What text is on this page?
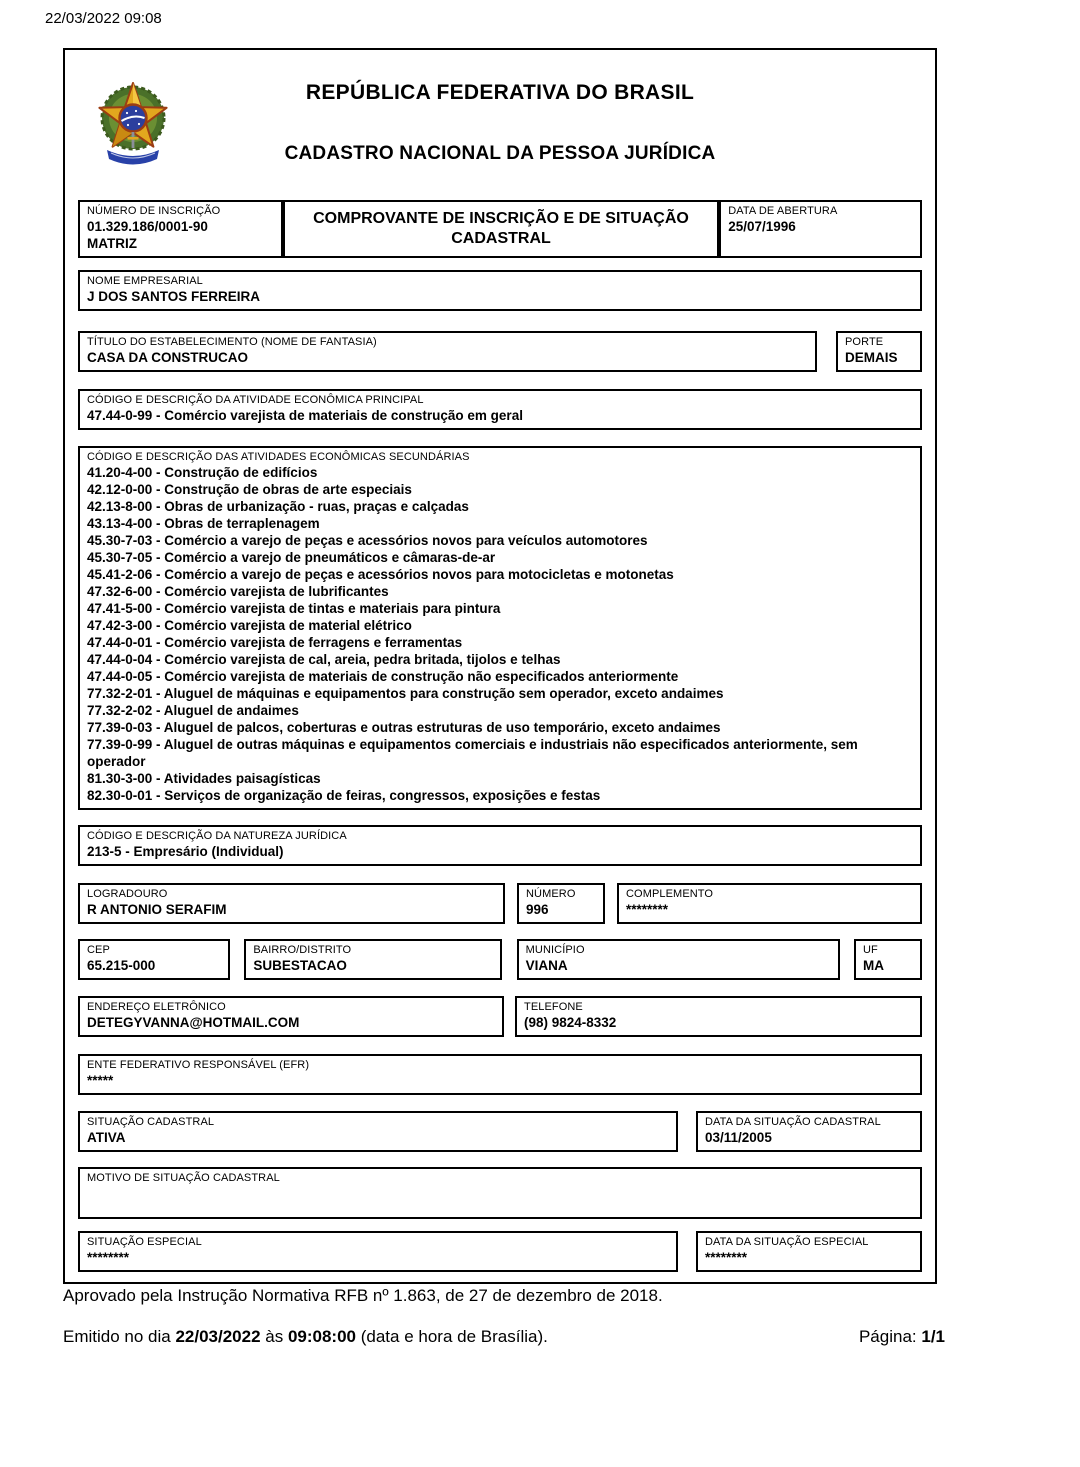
22/03/2022 09:08
REPÚBLICA FEDERATIVA DO BRASIL
CADASTRO NACIONAL DA PESSOA JURÍDICA
NÚMERO DE INSCRIÇÃO
01.329.186/0001-90
MATRIZ
COMPROVANTE DE INSCRIÇÃO E DE SITUAÇÃO CADASTRAL
DATA DE ABERTURA
25/07/1996
NOME EMPRESARIAL
J DOS SANTOS FERREIRA
TÍTULO DO ESTABELECIMENTO (NOME DE FANTASIA)
CASA DA CONSTRUCAO
PORTE
DEMAIS
CÓDIGO E DESCRIÇÃO DA ATIVIDADE ECONÔMICA PRINCIPAL
47.44-0-99 - Comércio varejista de materiais de construção em geral
CÓDIGO E DESCRIÇÃO DAS ATIVIDADES ECONÔMICAS SECUNDÁRIAS
41.20-4-00 - Construção de edifícios
42.12-0-00 - Construção de obras de arte especiais
42.13-8-00 - Obras de urbanização - ruas, praças e calçadas
43.13-4-00 - Obras de terraplenagem
45.30-7-03 - Comércio a varejo de peças e acessórios novos para veículos automotores
45.30-7-05 - Comércio a varejo de pneumáticos e câmaras-de-ar
45.41-2-06 - Comércio a varejo de peças e acessórios novos para motocicletas e motonetas
47.32-6-00 - Comércio varejista de lubrificantes
47.41-5-00 - Comércio varejista de tintas e materiais para pintura
47.42-3-00 - Comércio varejista de material elétrico
47.44-0-01 - Comércio varejista de ferragens e ferramentas
47.44-0-04 - Comércio varejista de cal, areia, pedra britada, tijolos e telhas
47.44-0-05 - Comércio varejista de materiais de construção não especificados anteriormente
77.32-2-01 - Aluguel de máquinas e equipamentos para construção sem operador, exceto andaimes
77.32-2-02 - Aluguel de andaimes
77.39-0-03 - Aluguel de palcos, coberturas e outras estruturas de uso temporário, exceto andaimes
77.39-0-99 - Aluguel de outras máquinas e equipamentos comerciais e industriais não especificados anteriormente, sem operador
81.30-3-00 - Atividades paisagísticas
82.30-0-01 - Serviços de organização de feiras, congressos, exposições e festas
CÓDIGO E DESCRIÇÃO DA NATUREZA JURÍDICA
213-5 - Empresário (Individual)
LOGRADOURO
R ANTONIO SERAFIM
NÚMERO
996
COMPLEMENTO
********
CEP
65.215-000
BAIRRO/DISTRITO
SUBESTACAO
MUNICÍPIO
VIANA
UF
MA
ENDEREÇO ELETRÔNICO
DETEGYVANNA@HOTMAIL.COM
TELEFONE
(98) 9824-8332
ENTE FEDERATIVO RESPONSÁVEL (EFR)
*****
SITUAÇÃO CADASTRAL
ATIVA
DATA DA SITUAÇÃO CADASTRAL
03/11/2005
MOTIVO DE SITUAÇÃO CADASTRAL
SITUAÇÃO ESPECIAL
********
DATA DA SITUAÇÃO ESPECIAL
********
Aprovado pela Instrução Normativa RFB nº 1.863, de 27 de dezembro de 2018.
Emitido no dia 22/03/2022 às 09:08:00 (data e hora de Brasília).	Página: 1/1
